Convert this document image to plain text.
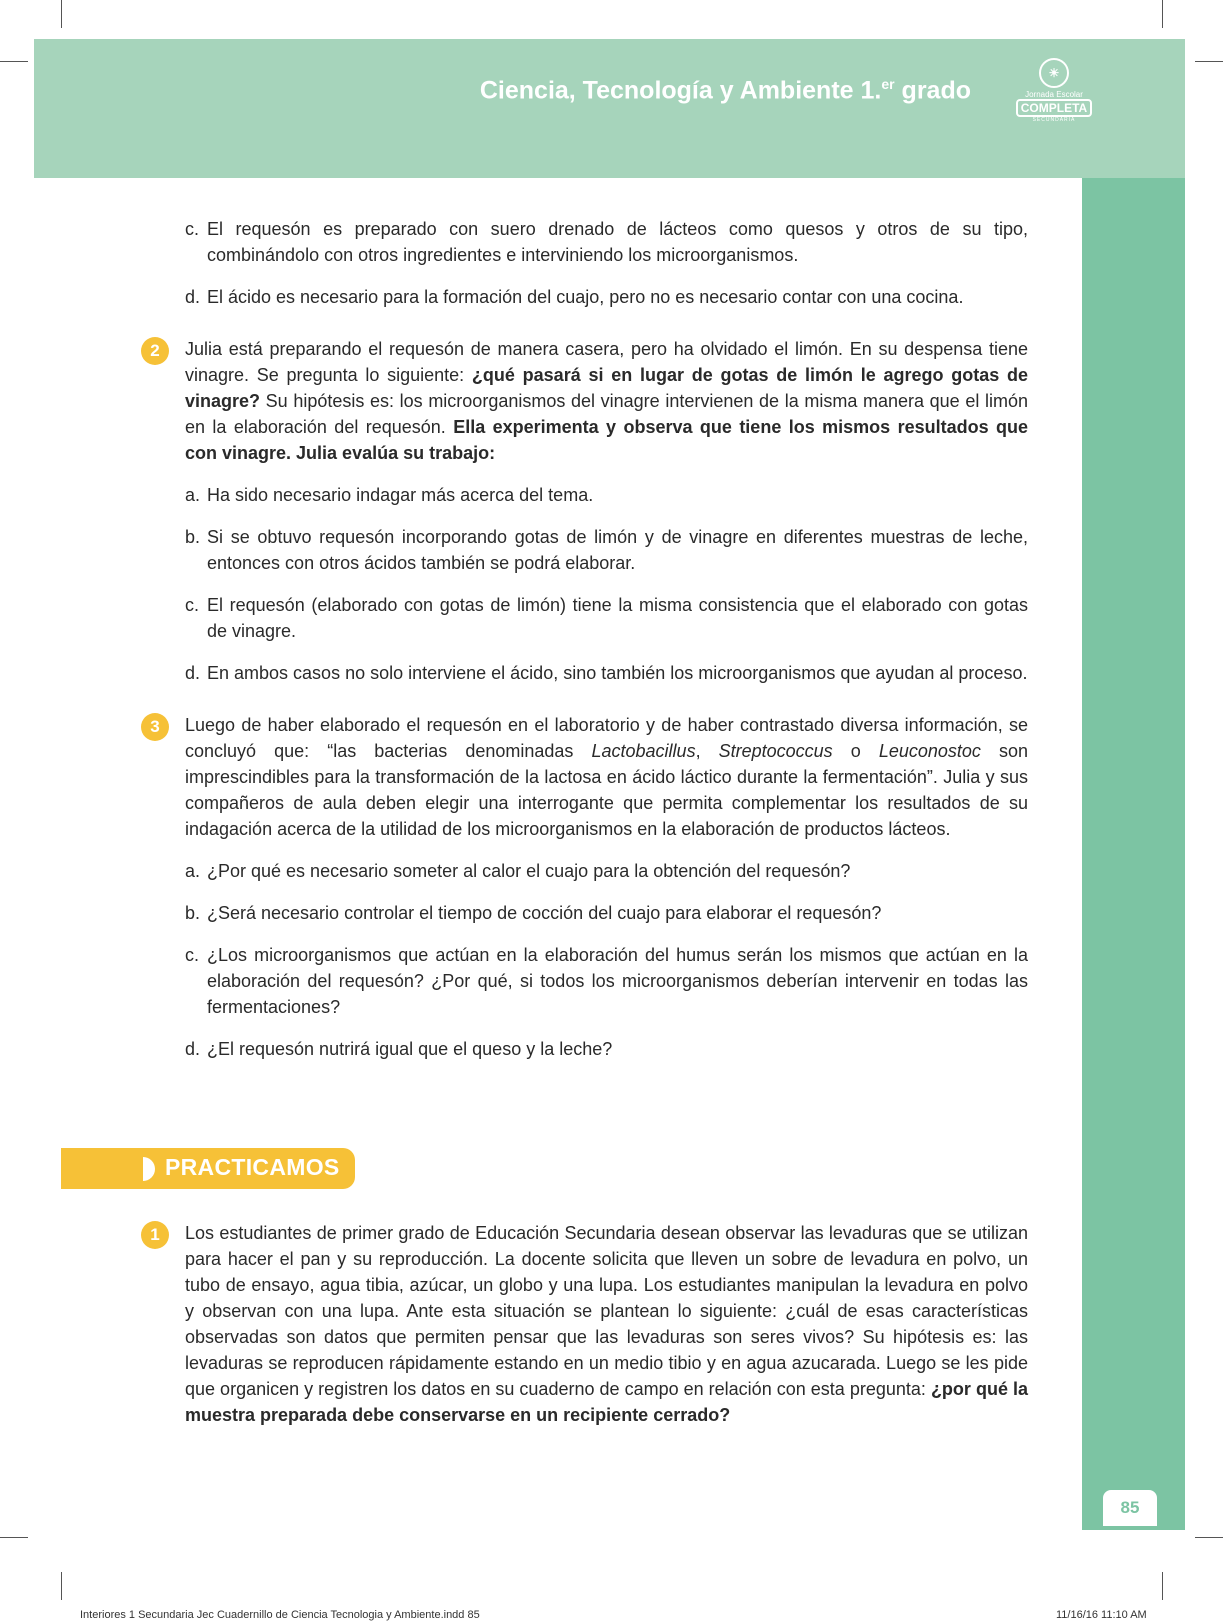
Ciencia, Tecnología y Ambiente 1.$^{er}$ grado
☀
Jornada Escolar
COMPLETA
SECUNDARIA
85
c. El requesón es preparado con suero drenado de lácteos como quesos y otros de su tipo, combinándolo con otros ingredientes e interviniendo los microorganismos.
d. El ácido es necesario para la formación del cuajo, pero no es necesario contar con una cocina.
2	Julia está preparando el requesón de manera casera, pero ha olvidado el limón. En su despensa tiene vinagre. Se pregunta lo siguiente: ¿qué pasará si en lugar de gotas de limón le agrego gotas de vinagre? Su hipótesis es: los microorganismos del vinagre intervienen de la misma manera que el limón en la elaboración del requesón. Ella experimenta y observa que tiene los mismos resultados que con vinagre. Julia evalúa su trabajo:

a. Ha sido necesario indagar más acerca del tema.
b. Si se obtuvo requesón incorporando gotas de limón y de vinagre en diferentes muestras de leche, entonces con otros ácidos también se podrá elaborar.
c. El requesón (elaborado con gotas de limón) tiene la misma consistencia que el elaborado con gotas de vinagre.
d. En ambos casos no solo interviene el ácido, sino también los microorganismos que ayudan al proceso.
3	Luego de haber elaborado el requesón en el laboratorio y de haber contrastado diversa información, se concluyó que: “las bacterias denominadas Lactobacillus, Streptococcus o Leuconostoc son imprescindibles para la transformación de la lactosa en ácido láctico durante la fermentación”. Julia y sus compañeros de aula deben elegir una interrogante que permita complementar los resultados de su indagación acerca de la utilidad de los microorganismos en la elaboración de productos lácteos.

a. ¿Por qué es necesario someter al calor el cuajo para la obtención del requesón?
b. ¿Será necesario controlar el tiempo de cocción del cuajo para elaborar el requesón?
c. ¿Los microorganismos que actúan en la elaboración del humus serán los mismos que actúan en la elaboración del requesón? ¿Por qué, si todos los microorganismos deberían intervenir en todas las fermentaciones?
d. ¿El requesón nutrirá igual que el queso y la leche?
PRACTICAMOS
1	Los estudiantes de primer grado de Educación Secundaria desean observar las levaduras que se utilizan para hacer el pan y su reproducción. La docente solicita que lleven un sobre de levadura en polvo, un tubo de ensayo, agua tibia, azúcar, un globo y una lupa. Los estudiantes manipulan la levadura en polvo y observan con una lupa. Ante esta situación se plantean lo siguiente: ¿cuál de esas características observadas son datos que permiten pensar que las levaduras son seres vivos? Su hipótesis es: las levaduras se reproducen rápidamente estando en un medio tibio y en agua azucarada. Luego se les pide que organicen y registren los datos en su cuaderno de campo en relación con esta pregunta: ¿por qué la muestra preparada debe conservarse en un recipiente cerrado?

Interiores 1 Secundaria Jec Cuadernillo de Ciencia Tecnologia y Ambiente.indd 85	11/16/16 11:10 AM
